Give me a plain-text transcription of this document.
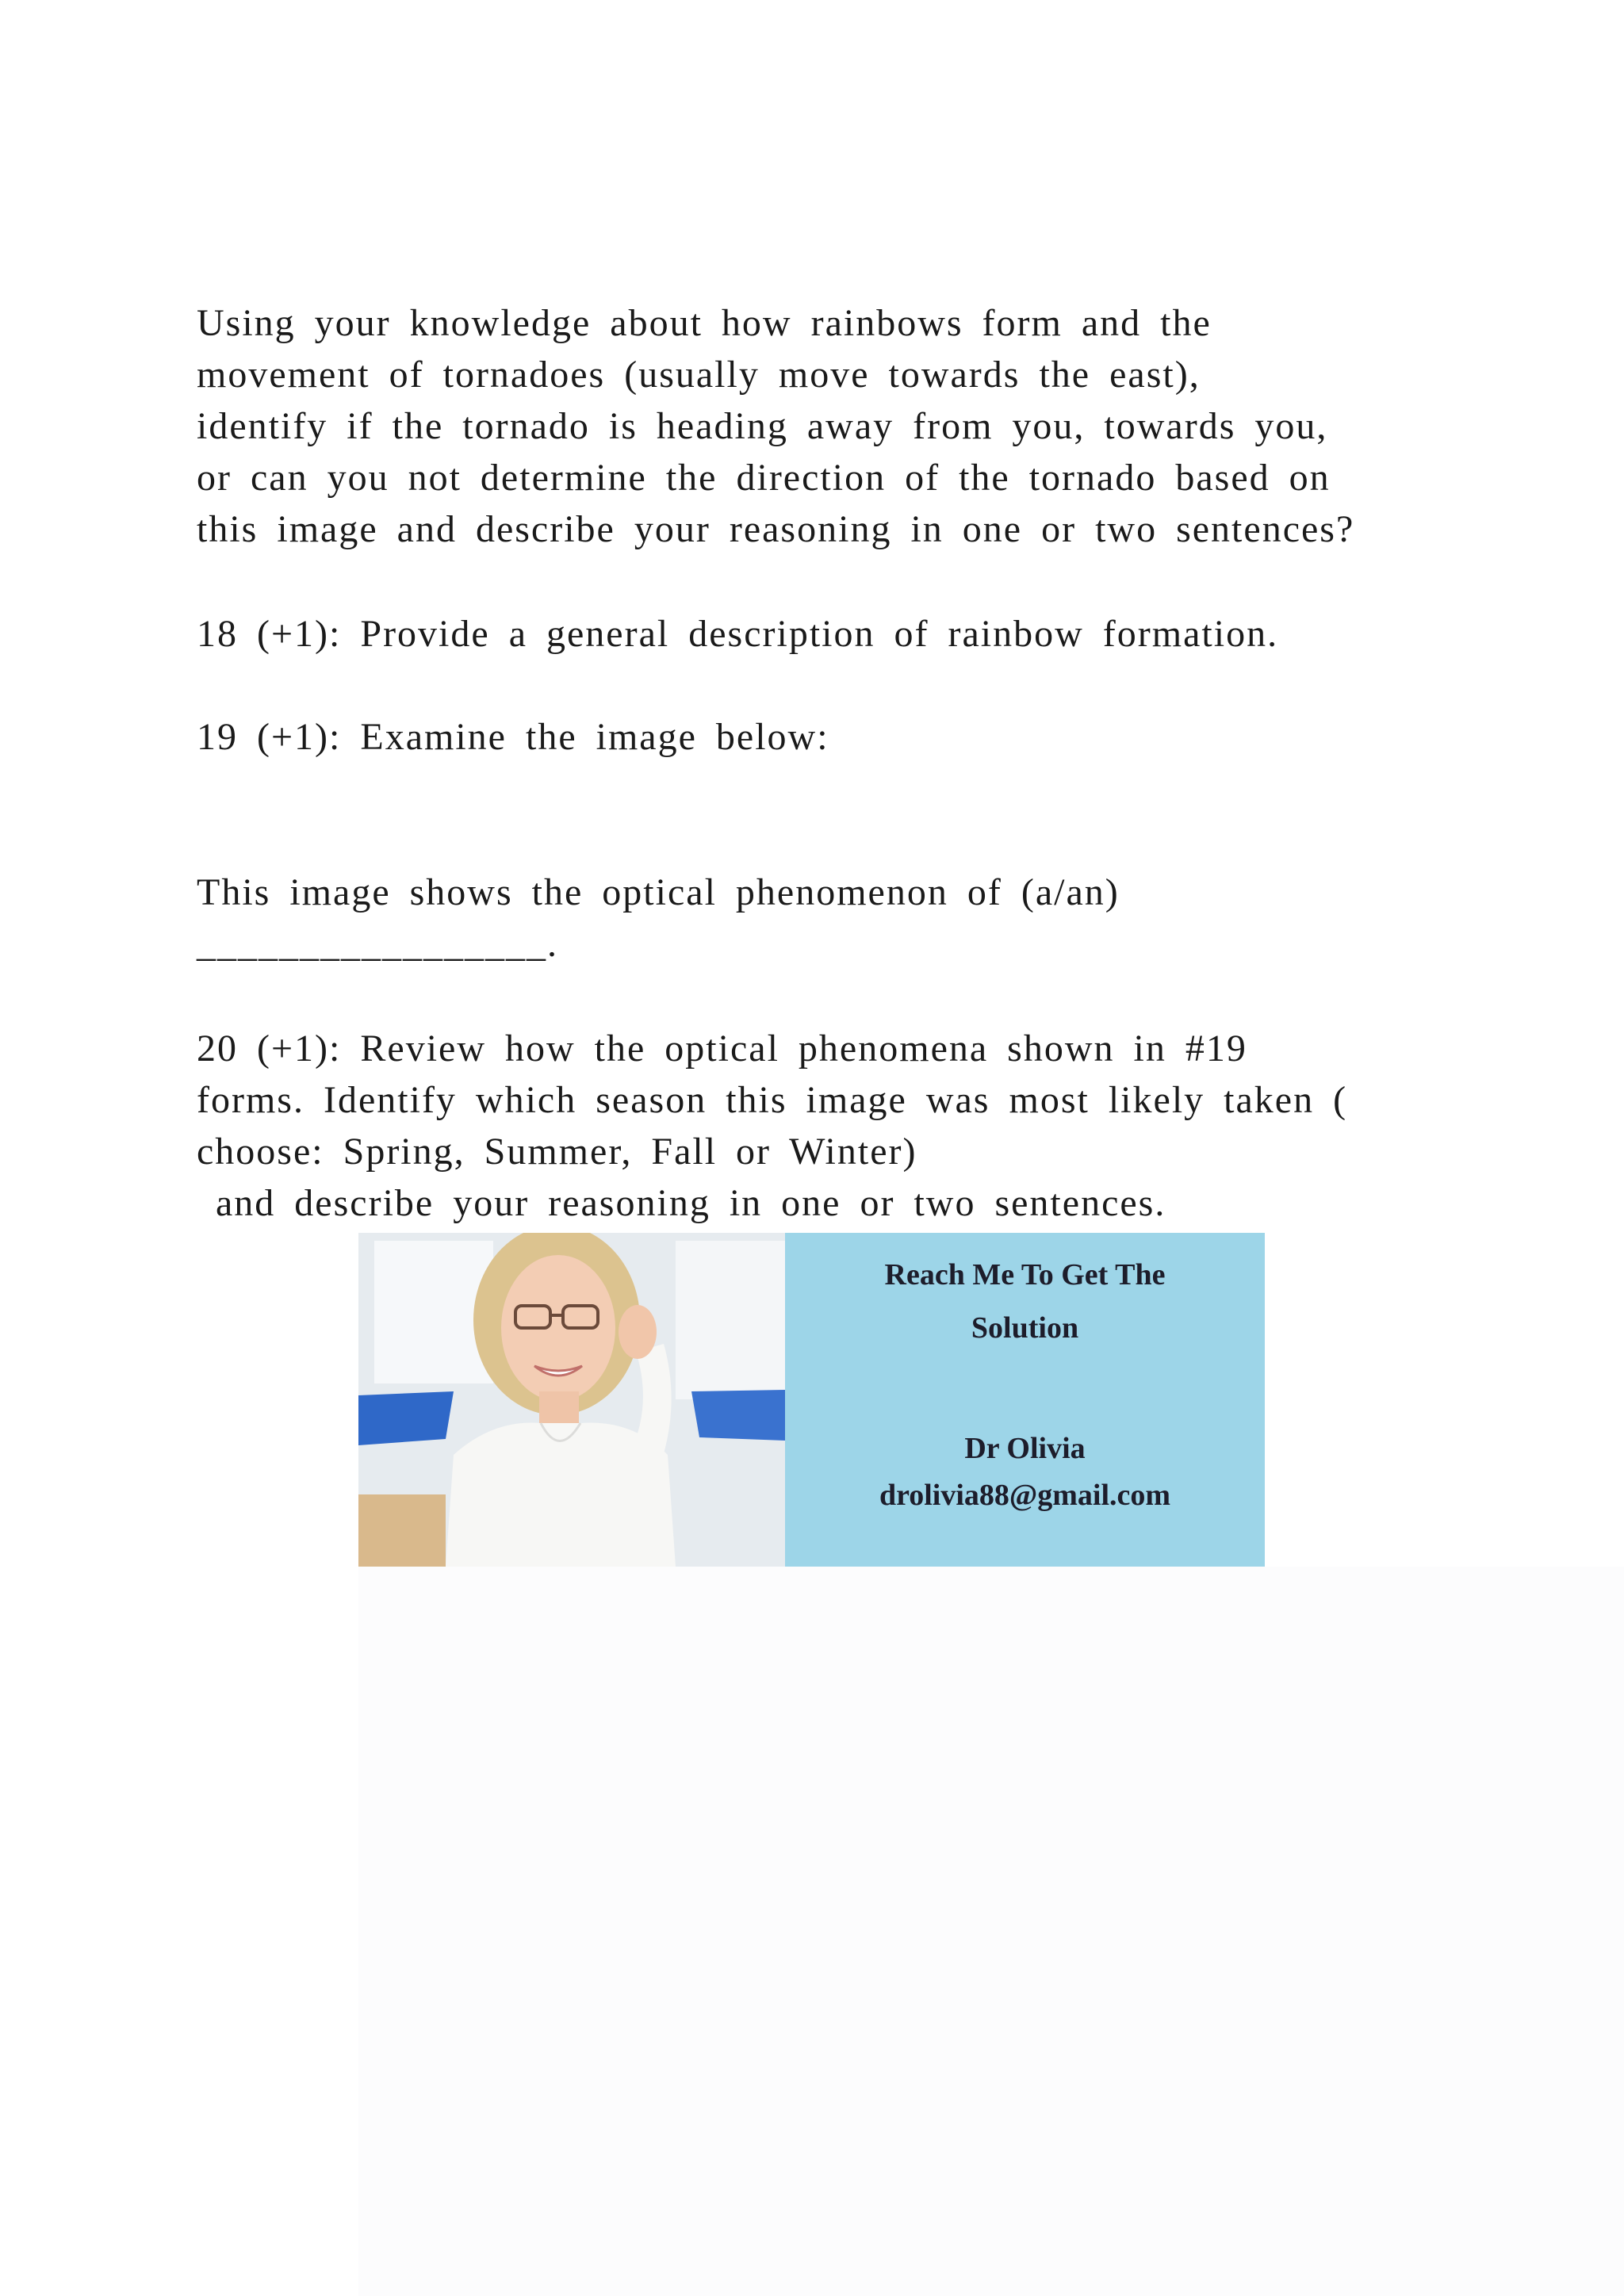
Using your knowledge about how rainbows form and the
movement of tornadoes (usually move towards the east),
identify if the tornado is heading away from you, towards you,
or can you not determine the direction of the tornado based on
this image and describe your reasoning in one or two sentences?
18 (+1): Provide a general description of rainbow formation.
19 (+1): Examine the image below:
This image shows the optical phenomenon of (a/an)
_________________.
20 (+1): Review how the optical phenomena shown in #19
forms. Identify which season this image was most likely taken (
choose: Spring, Summer, Fall or Winter)
and describe your reasoning in one or two sentences.
Reach Me To Get The
Solution
Dr Olivia
drolivia88@gmail.com
